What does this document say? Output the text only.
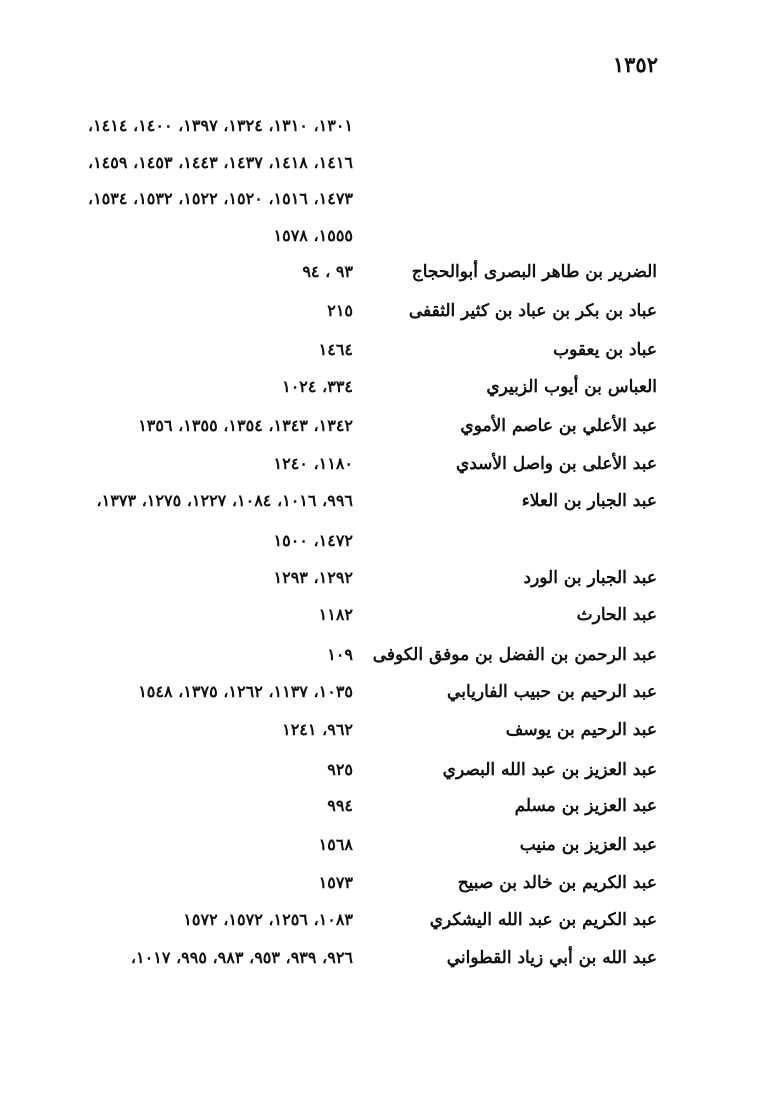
١٣٥٢
١٣٠١، ١٣١٠، ١٣٢٤، ١٣٩٧، ١٤٠٠، ١٤١٤،
١٤١٦، ١٤١٨، ١٤٣٧، ١٤٤٣، ١٤٥٣، ١٤٥٩،
١٤٧٣، ١٥١٦، ١٥٢٠، ١٥٢٢، ١٥٣٢، ١٥٣٤،
١٥٥٥، ١٥٧٨
الضرير بن طاهر البصرى أبوالحجاج
٩٣ ، ٩٤
عباد بن بكر بن عباد بن كثير الثقفى
٢١٥
عباد بن يعقوب
١٤٦٤
العباس بن أيوب الزبيري
٣٣٤، ١٠٢٤
عبد الأعلي بن عاصم الأموي
١٣٤٢، ١٣٤٣، ١٣٥٤، ١٣٥٥، ١٣٥٦
عبد الأعلى بن واصل الأسدي
١١٨٠، ١٢٤٠
عبد الجبار بن العلاء
٩٩٦، ١٠١٦، ١٠٨٤، ١٢٢٧، ١٢٧٥، ١٣٧٣،
١٤٧٢، ١٥٠٠
عبد الجبار بن الورد
١٢٩٢، ١٢٩٣
عبد الحارث
١١٨٢
عبد الرحمن بن الفضل بن موفق الكوفى
١٠٩
عبد الرحيم بن حبيب الفاريابي
١٠٣٥، ١١٣٧، ١٢٦٢، ١٣٧٥، ١٥٤٨
عبد الرحيم بن يوسف
٩٦٢، ١٢٤١
عبد العزيز بن عبد الله البصري
٩٢٥
عبد العزيز بن مسلم
٩٩٤
عبد العزيز بن منيب
١٥٦٨
عبد الكريم بن خالد بن صبيح
١٥٧٣
عبد الكريم بن عبد الله اليشكري
١٠٨٣، ١٢٥٦، ١٥٧٢، ١٥٧٢
عبد الله بن أبي زياد القطواني
٩٢٦، ٩٣٩، ٩٥٣، ٩٨٣، ٩٩٥، ١٠١٧،
